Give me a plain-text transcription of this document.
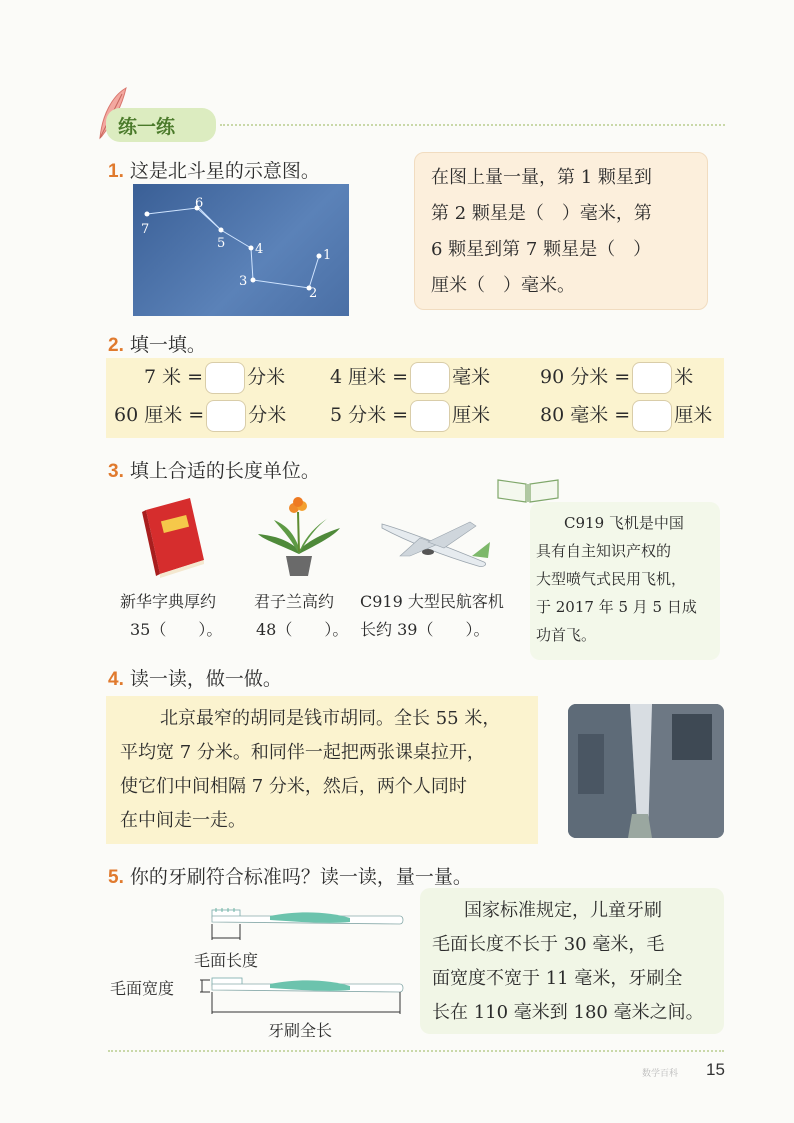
练一练
1. 这是北斗星的示意图。
7
6
5 4
3
2
1
在图上量一量，第 1 颗星到
第 2 颗星是（　）毫米，第
6 颗星到第 7 颗星是（　）
厘米（　）毫米。
2. 填一填。
7 米 = 分米 4 厘米 = 毫米	90 分米 = 米
60 厘米 = 分米 5 分米 = 厘米	80 毫米 = 厘米
3. 填上合适的长度单位。
新华字典厚约
35（　　）。
君子兰高约
48（　　）。
C919 大型民航客机
长约 39（　　）。
C919 飞机是中国
具有自主知识产权的
大型喷气式民用飞机，
于 2017 年 5 月 5 日成
功首飞。
4. 读一读，做一做。
北京最窄的胡同是钱市胡同。全长 55 米，
平均宽 7 分米。和同伴一起把两张课桌拉开，
使它们中间相隔 7 分米，然后，两个人同时
在中间走一走。
5. 你的牙刷符合标准吗？读一读，量一量。
毛面长度
毛面宽度
牙刷全长
国家标准规定，儿童牙刷
毛面长度不长于 30 毫米，毛
面宽度不宽于 11 毫米，牙刷全
长在 110 毫米到 180 毫米之间。
数学百科 15
